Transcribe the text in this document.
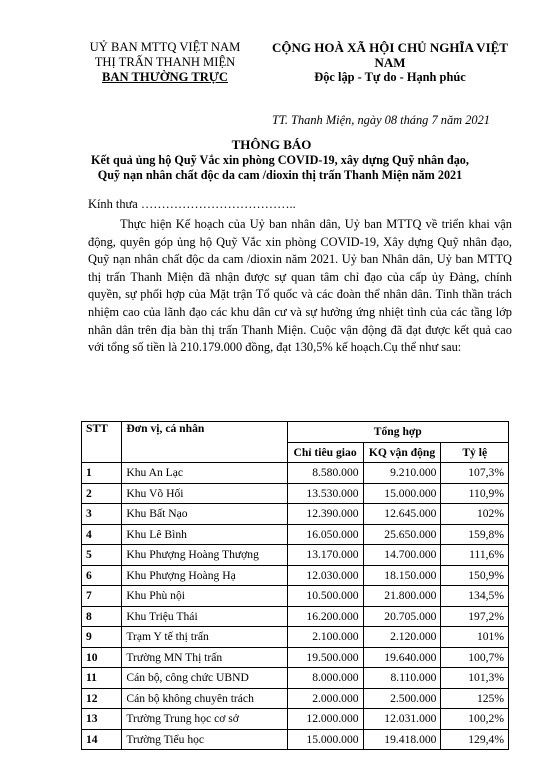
UỶ BAN MTTQ VIỆT NAM
THỊ TRẤN THANH MIỆN
BAN THƯỜNG TRỰC
CỘNG HOÀ XÃ HỘI CHỦ NGHĨA VIỆT NAM
Độc lập - Tự do - Hạnh phúc
TT. Thanh Miện, ngày 08 tháng 7 năm 2021
THÔNG BÁO
Kết quả ủng hộ Quỹ Vắc xin phòng COVID-19, xây dựng Quỹ nhân đạo,
Quỹ nạn nhân chất độc da cam /dioxin thị trấn Thanh Miện năm 2021
Kính thưa ………………………………..

Thực hiện Kế hoạch của Uỷ ban nhân dân, Uỷ ban MTTQ về triển khai vận động, quyên góp ủng hộ Quỹ Vắc xin phòng COVID-19, Xây dựng Quỹ nhân đạo, Quỹ nạn nhân chất độc da cam /dioxin năm 2021. Uỷ ban Nhân dân, Uỷ ban MTTQ thị trấn Thanh Miện đã nhận được sự quan tâm chỉ đạo của cấp ủy Đảng, chính quyền, sự phối hợp của Mặt trận Tổ quốc và các đoàn thể nhân dân. Tinh thần trách nhiệm cao của lãnh đạo các khu dân cư và sự hưởng ứng nhiệt tình của các tầng lớp nhân dân trên địa bàn thị trấn Thanh Miện. Cuộc vận động đã đạt được kết quả cao với tổng số tiền là 210.179.000 đồng, đạt 130,5% kế hoạch.Cụ thể như sau:

STT	Đơn vị, cá nhân	Tổng hợp		
		Chỉ tiêu giao	KQ vận động	Tỷ lệ
1	Khu An Lạc	8.580.000	9.210.000	107,3%
2	Khu Võ Hối	13.530.000	15.000.000	110,9%
3	Khu Bất Nạo	12.390.000	12.645.000	102%
4	Khu Lê Bình	16.050.000	25.650.000	159,8%
5	Khu Phượng Hoàng Thượng	13.170.000	14.700.000	111,6%
6	Khu Phượng Hoàng Hạ	12.030.000	18.150.000	150,9%
7	Khu Phù nội	10.500.000	21.800.000	134,5%
8	Khu Triệu Thái	16.200.000	20.705.000	197,2%
9	Trạm Y tế thị trấn	2.100.000	2.120.000	101%
10	Trường MN Thị trấn	19.500.000	19.640.000	100,7%
11	Cán bộ, công chức UBND	8.000.000	8.110.000	101,3%
12	Cán bộ không chuyên trách	2.000.000	2.500.000	125%
13	Trường Trung học cơ sở	12.000.000	12.031.000	100,2%
14	Trường Tiểu học	15.000.000	19.418.000	129,4%
